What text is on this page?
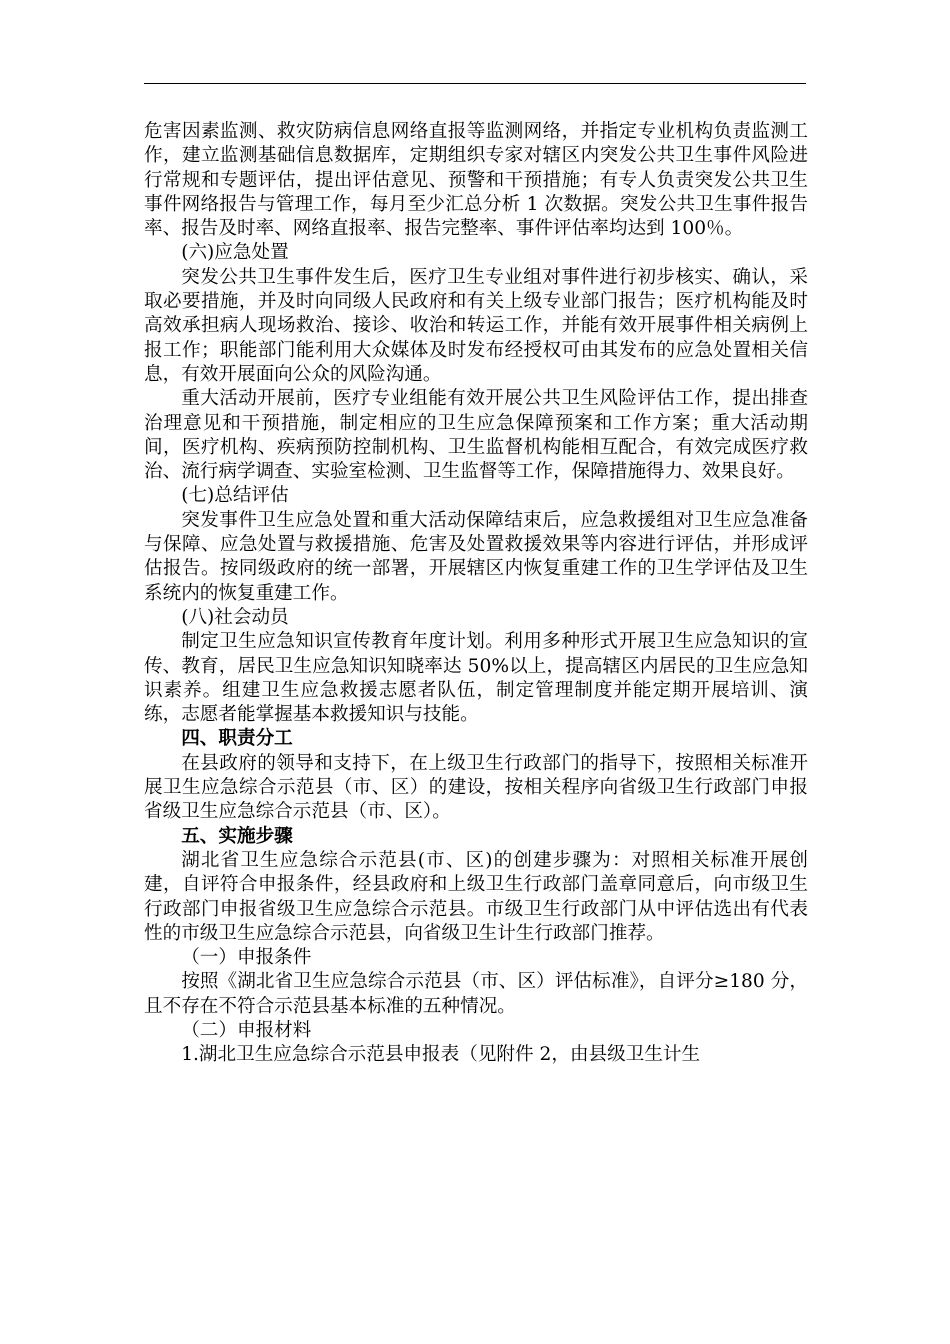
危害因素监测、救灾防病信息网络直报等监测网络，并指定专业机构负责监测工作，建立监测基础信息数据库，定期组织专家对辖区内突发公共卫生事件风险进行常规和专题评估，提出评估意见、预警和干预措施；有专人负责突发公共卫生事件网络报告与管理工作，每月至少汇总分析 1 次数据。突发公共卫生事件报告率、报告及时率、网络直报率、报告完整率、事件评估率均达到 100％。

(六)应急处置

突发公共卫生事件发生后，医疗卫生专业组对事件进行初步核实、确认，采取必要措施，并及时向同级人民政府和有关上级专业部门报告；医疗机构能及时高效承担病人现场救治、接诊、收治和转运工作，并能有效开展事件相关病例上报工作；职能部门能利用大众媒体及时发布经授权可由其发布的应急处置相关信息，有效开展面向公众的风险沟通。

重大活动开展前，医疗专业组能有效开展公共卫生风险评估工作，提出排查治理意见和干预措施，制定相应的卫生应急保障预案和工作方案；重大活动期间，医疗机构、疾病预防控制机构、卫生监督机构能相互配合，有效完成医疗救治、流行病学调查、实验室检测、卫生监督等工作，保障措施得力、效果良好。

(七)总结评估

突发事件卫生应急处置和重大活动保障结束后，应急救援组对卫生应急准备与保障、应急处置与救援措施、危害及处置救援效果等内容进行评估，并形成评估报告。按同级政府的统一部署，开展辖区内恢复重建工作的卫生学评估及卫生系统内的恢复重建工作。

(八)社会动员

制定卫生应急知识宣传教育年度计划。利用多种形式开展卫生应急知识的宣传、教育，居民卫生应急知识知晓率达 50%以上，提高辖区内居民的卫生应急知识素养。组建卫生应急救援志愿者队伍，制定管理制度并能定期开展培训、演练，志愿者能掌握基本救援知识与技能。

四、职责分工

在县政府的领导和支持下，在上级卫生行政部门的指导下，按照相关标准开展卫生应急综合示范县（市、区）的建设，按相关程序向省级卫生行政部门申报省级卫生应急综合示范县（市、区）。

五、实施步骤

湖北省卫生应急综合示范县(市、区)的创建步骤为：对照相关标准开展创建，自评符合申报条件，经县政府和上级卫生行政部门盖章同意后，向市级卫生行政部门申报省级卫生应急综合示范县。市级卫生行政部门从中评估选出有代表性的市级卫生应急综合示范县，向省级卫生计生行政部门推荐。

（一）申报条件

按照《湖北省卫生应急综合示范县（市、区）评估标准》，自评分≥180 分，且不存在不符合示范县基本标准的五种情况。

（二）申报材料

1.湖北卫生应急综合示范县申报表（见附件 2，由县级卫生计生
